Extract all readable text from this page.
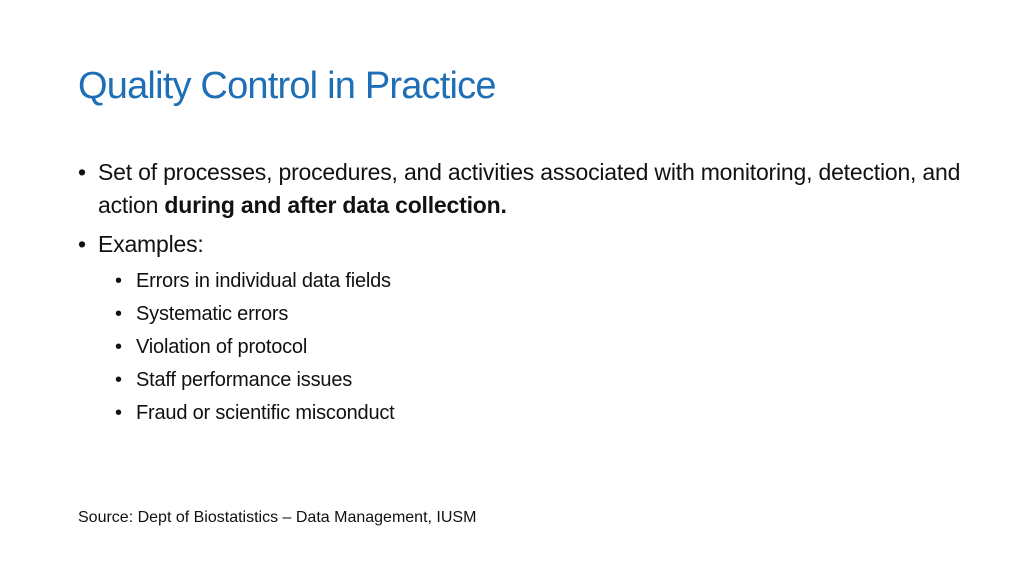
Quality Control in Practice
• Set of processes, procedures, and activities associated with monitoring, detection, and action during and after data collection.
• Examples:
• Errors in individual data fields
• Systematic errors
• Violation of protocol
• Staff performance issues
• Fraud or scientific misconduct
Source: Dept of Biostatistics – Data Management, IUSM
